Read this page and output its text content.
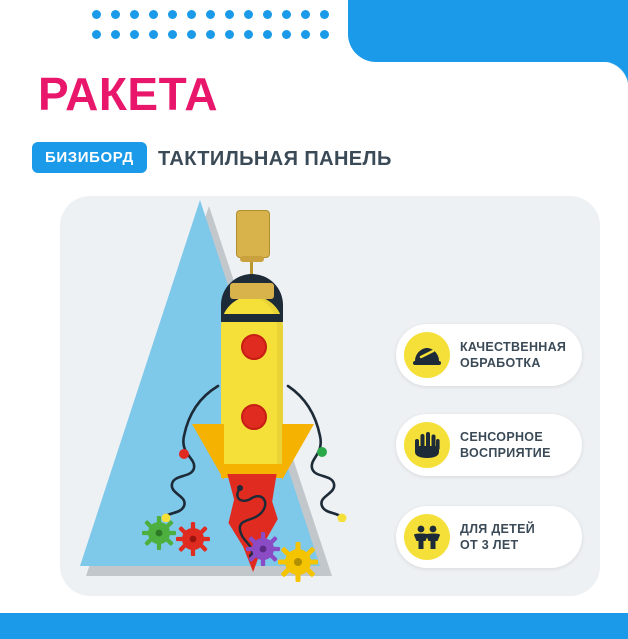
РАКЕТА
БИЗИБОРД	ТАКТИЛЬНАЯ ПАНЕЛЬ
КАЧЕСТВЕННАЯ
ОБРАБОТКА
СЕНСОРНОЕ
ВОСПРИЯТИЕ
ДЛЯ ДЕТЕЙ
ОТ 3 ЛЕТ
